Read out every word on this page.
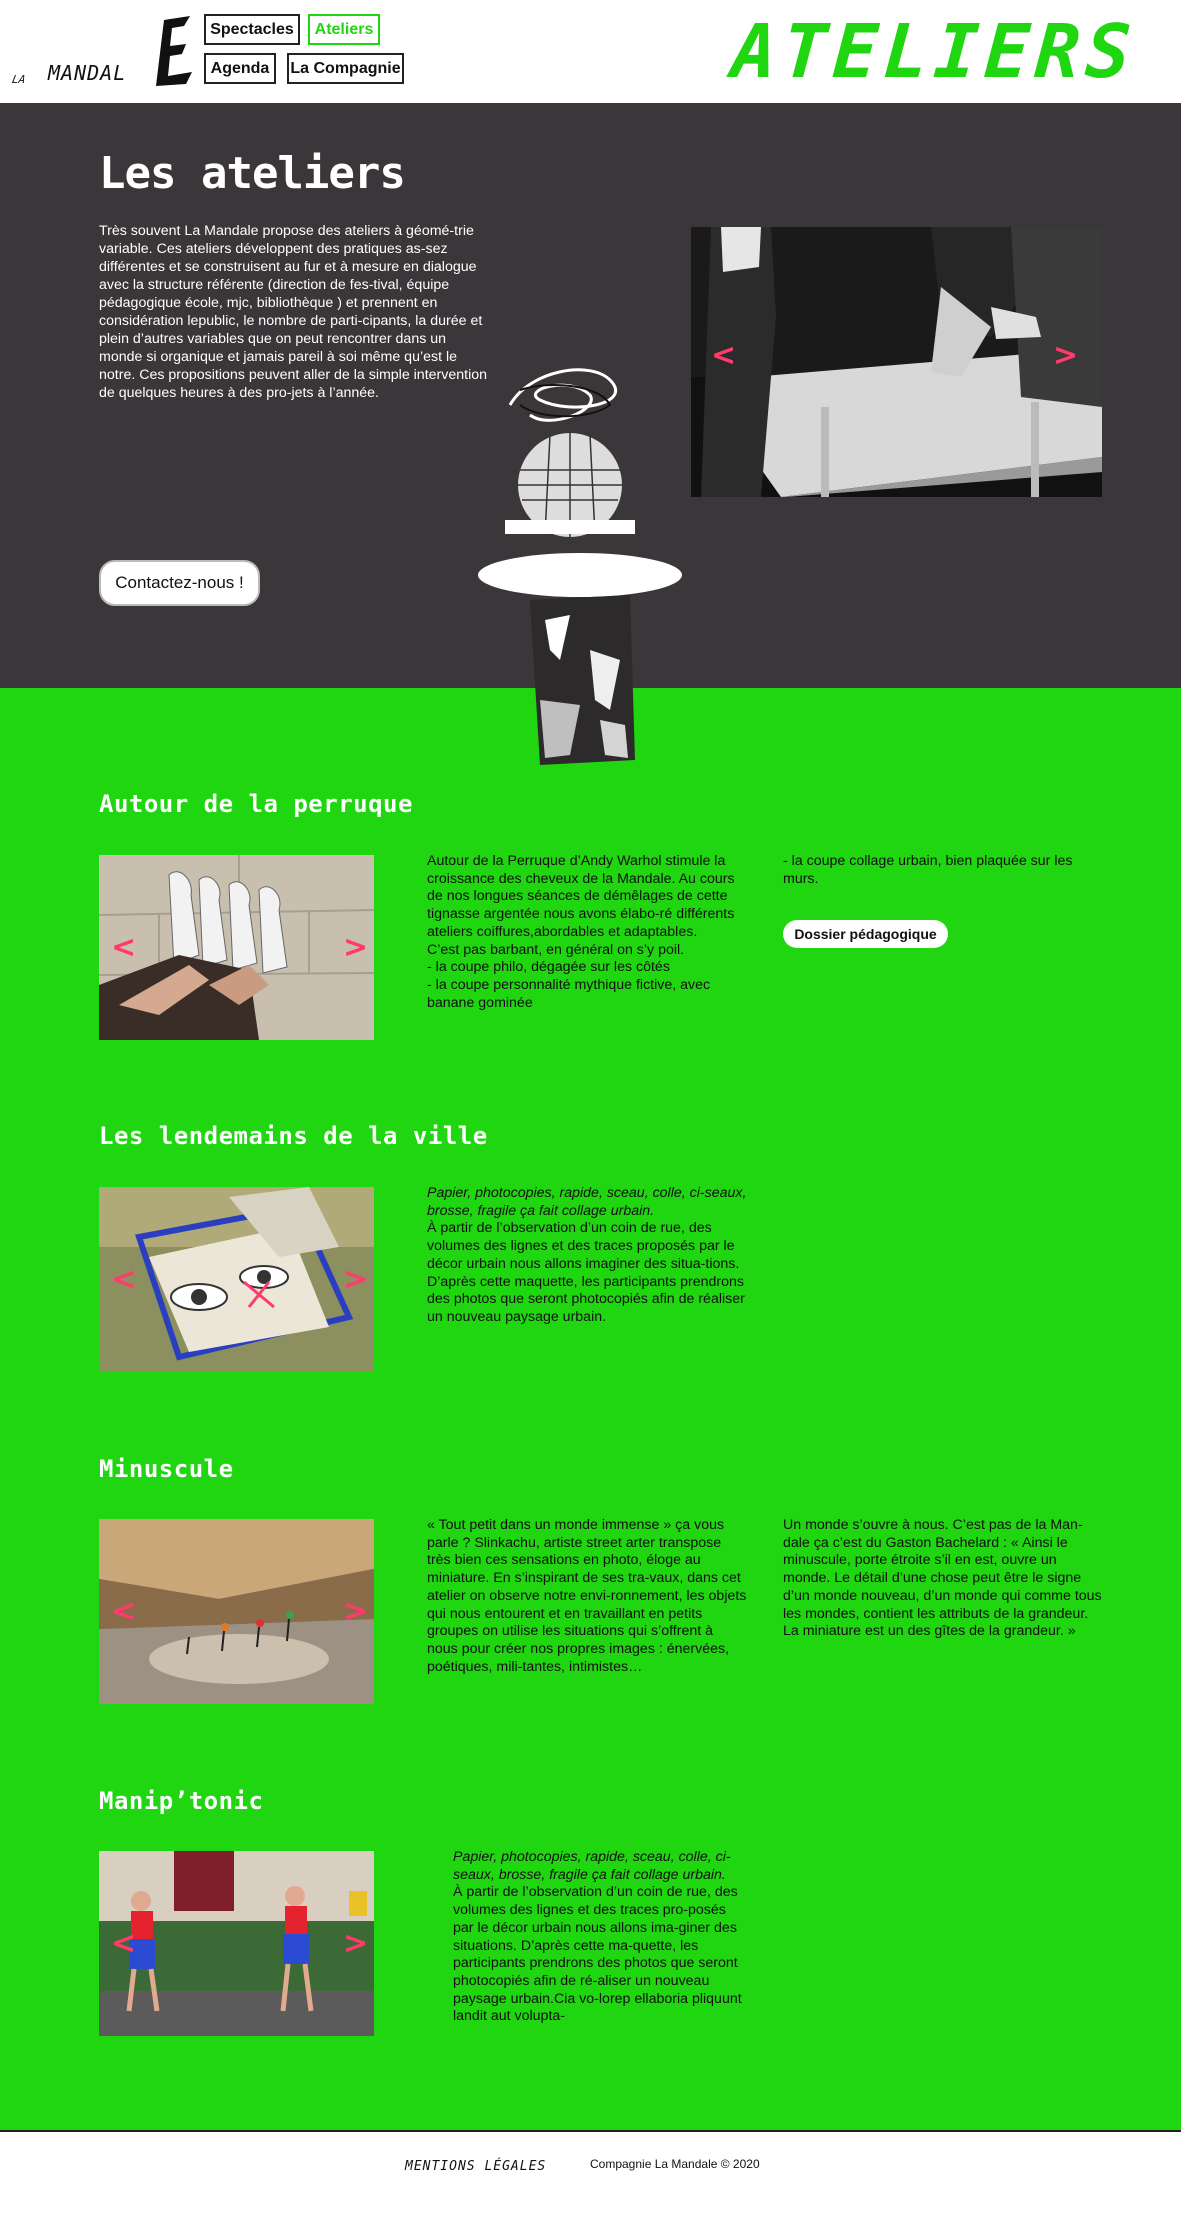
LA MANDAL
Spectacles	Ateliers
Agenda	La Compagnie	ATELIERS
Les ateliers
Très souvent La Mandale propose des ateliers à géomé-trie variable. Ces ateliers développent des pratiques as-sez différentes et se construisent au fur et à mesure en dialogue avec la structure référente (direction de fes-tival, équipe pédagogique école, mjc, bibliothèque ) et prennent en considération lepublic, le nombre de parti-cipants, la durée et plein d’autres variables que on peut rencontrer dans un monde si organique et jamais pareil à soi même qu’est le notre. Ces propositions peuvent aller de la simple intervention de quelques heures à des pro-jets à l’année.
Contactez-nous !
<	>
Autour de la perruque
<	>
Autour de la Perruque d’Andy Warhol stimule la croissance des cheveux de la Mandale. Au cours de nos longues séances de démêlages de cette tignasse argentée nous avons élabo-ré différents ateliers coiffures,abordables et adaptables.
C’est pas barbant, en général on s’y poil.
- la coupe philo, dégagée sur les côtés
- la coupe personnalité mythique fictive, avec banane gominée
- la coupe collage urbain, bien plaquée sur les murs.
Dossier pédagogique
Les lendemains de la ville
<	>
Papier, photocopies, rapide, sceau, colle, ci-seaux, brosse, fragile ça fait collage urbain.
À partir de l’observation d’un coin de rue, des volumes des lignes et des traces proposés par le décor urbain nous allons imaginer des situa-tions. D’après cette maquette, les participants prendrons des photos que seront photocopiés afin de réaliser un nouveau paysage urbain.
Minuscule
<	>
« Tout petit dans un monde immense » ça vous parle ? Slinkachu, artiste street arter transpose très bien ces sensations en photo, éloge au miniature. En s’inspirant de ses tra-vaux, dans cet atelier on observe notre envi-ronnement, les objets qui nous entourent et en travaillant en petits groupes on utilise les situations qui s’offrent à nous pour créer nos propres images : énervées, poétiques, mili-tantes, intimistes…
Un monde s’ouvre à nous. C’est pas de la Man-dale ça c’est du Gaston Bachelard : « Ainsi le minuscule, porte étroite s’il en est, ouvre un monde. Le détail d’une chose peut être le signe d’un monde nouveau, d’un monde qui comme tous les mondes, contient les attributs de la grandeur. La miniature est un des gîtes de la grandeur. »
Manip’tonic
<	>
Papier, photocopies, rapide, sceau, colle, ci-seaux, brosse, fragile ça fait collage urbain.
À partir de l’observation d’un coin de rue, des volumes des lignes et des traces pro-posés par le décor urbain nous allons ima-giner des situations. D’après cette ma-quette, les participants prendrons des photos que seront photocopiés afin de ré-aliser un nouveau paysage urbain.Cia vo-lorep ellaboria pliquunt landit aut volupta-
MENTIONS LÉGALES	Compagnie La Mandale © 2020
